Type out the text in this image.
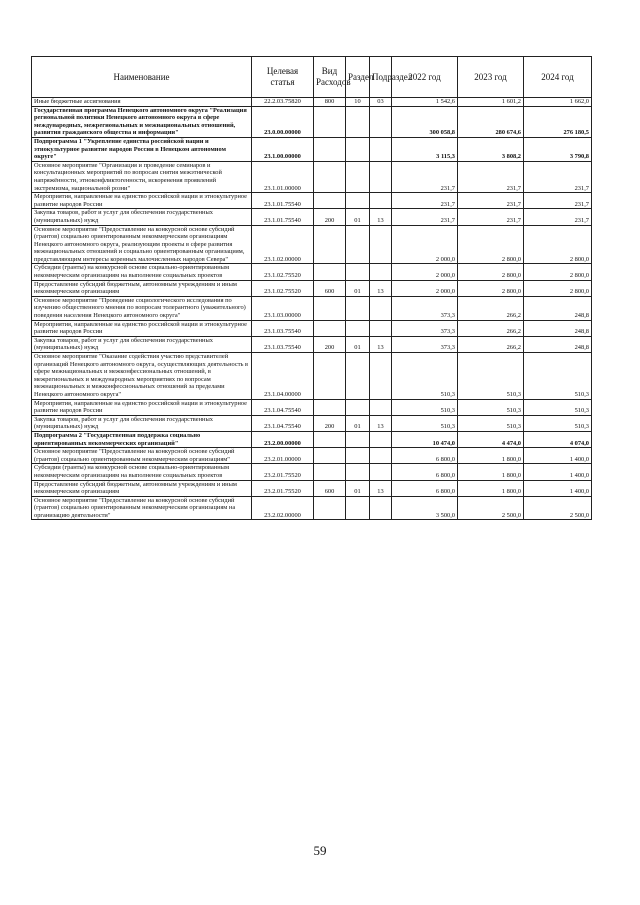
Наименование	Целевая статья	Вид Расходов	Раздел	Подраздел	2022 год	2023 год	2024 год
Иные бюджетные ассигнования	22.2.03.75820	800	10	03	1 542,6	1 601,2	1 662,0
Государственная программа Ненецкого автономного округа "Реализация региональной политики Ненецкого автономного округа в сфере международных, межрегиональных и межнациональных отношений, развития гражданского общества и информации"	23.0.00.00000				300 058,8	280 674,6	276 180,5
Подпрограмма 1 "Укрепление единства российской нации и этнокультурное развитие народов России в Ненецком автономном округе"	23.1.00.00000				3 115,3	3 808,2	3 790,8
Основное мероприятие "Организация и проведение семинаров и консультационных мероприятий по вопросам снятия межэтнической напряжённости, этноконфликтогенности, искоренения проявлений экстремизма, национальной розни"	23.1.01.00000				231,7	231,7	231,7
Мероприятия, направленные на единство российской нации и этнокультурное развитие народов России	23.1.01.75540				231,7	231,7	231,7
Закупка товаров, работ и услуг для обеспечения государственных (муниципальных) нужд	23.1.01.75540	200	01	13	231,7	231,7	231,7
Основное мероприятие "Предоставление на конкурсной основе субсидий (грантов) социально ориентированным некоммерческим организациям Ненецкого автономного округа, реализующим проекты в сфере развития межнациональных отношений и социально ориентированным организациям, представляющим интересы коренных малочисленных народов Севера"	23.1.02.00000				2 000,0	2 800,0	2 800,0
Субсидии (гранты) на конкурсной основе социально-ориентированным некоммерческим организациям на выполнение социальных проектов	23.1.02.75520				2 000,0	2 800,0	2 800,0
Предоставление субсидий бюджетным, автономным учреждениям и иным некоммерческим организациям	23.1.02.75520	600	01	13	2 000,0	2 800,0	2 800,0
Основное мероприятие "Проведение социологического исследования по изучению общественного мнения по вопросам толерантного (уважительного) поведения населения Ненецкого автономного округа"	23.1.03.00000				373,3	266,2	248,8
Мероприятия, направленные на единство российской нации и этнокультурное развитие народов России	23.1.03.75540				373,3	266,2	248,8
Закупка товаров, работ и услуг для обеспечения государственных (муниципальных) нужд	23.1.03.75540	200	01	13	373,3	266,2	248,8
Основное мероприятие "Оказание содействия участию представителей организаций Ненецкого автономного округа, осуществляющих деятельность в сфере межнациональных и межконфессиональных отношений, в межрегиональных и международных мероприятиях по вопросам межнациональных и межконфессиональных отношений за пределами Ненецкого автономного округа"	23.1.04.00000				510,3	510,3	510,3
Мероприятия, направленные на единство российской нации и этнокультурное развитие народов России	23.1.04.75540				510,3	510,3	510,3
Закупка товаров, работ и услуг для обеспечения государственных (муниципальных) нужд	23.1.04.75540	200	01	13	510,3	510,3	510,3
Подпрограмма 2 "Государственная поддержка социально ориентированных некоммерческих организаций"	23.2.00.00000				10 474,0	4 474,0	4 074,0
Основное мероприятие "Предоставление на конкурсной основе субсидий (грантов) социально ориентированным некоммерческим организациям"	23.2.01.00000				6 800,0	1 800,0	1 400,0
Субсидии (гранты) на конкурсной основе социально-ориентированным некоммерческим организациям на выполнение социальных проектов	23.2.01.75520				6 800,0	1 800,0	1 400,0
Предоставление субсидий бюджетным, автономным учреждениям и иным некоммерческим организациям	23.2.01.75520	600	01	13	6 800,0	1 800,0	1 400,0
Основное мероприятие "Предоставление на конкурсной основе субсидий (грантов) социально ориентированным некоммерческим организациям на организацию деятельности"	23.2.02.00000				3 500,0	2 500,0	2 500,0
59
